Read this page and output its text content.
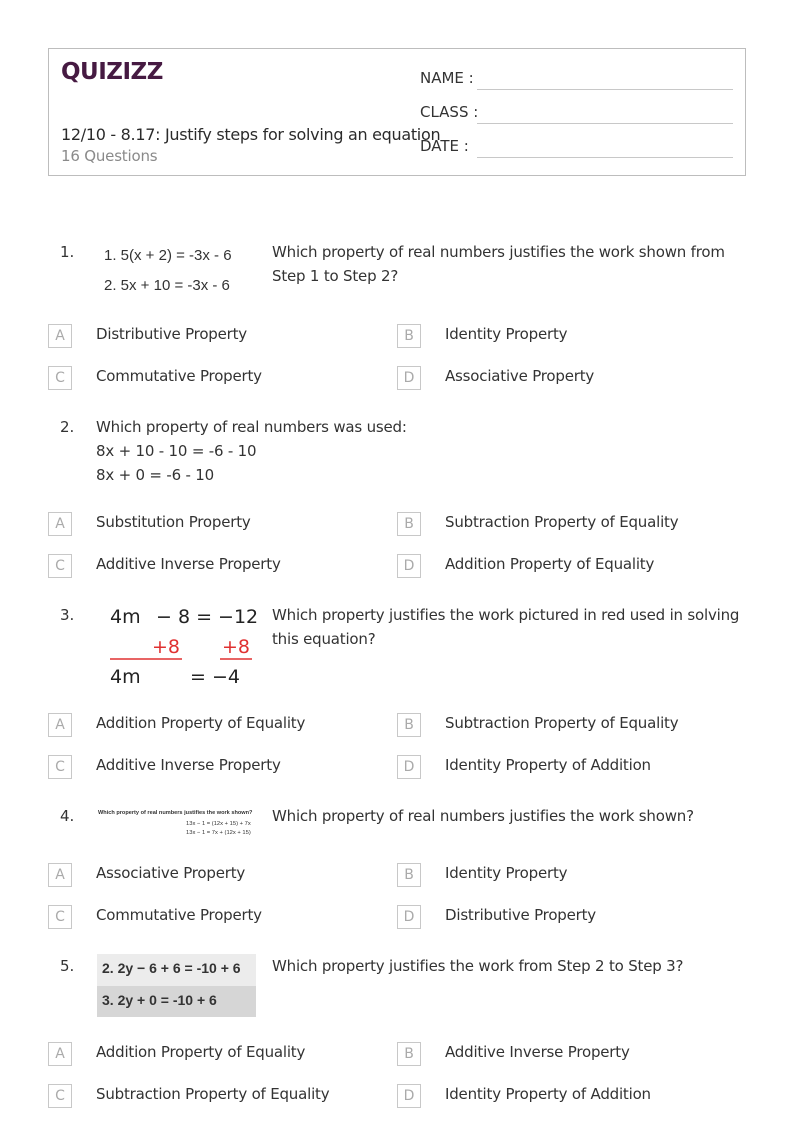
QUIZIZZ
12/10 - 8.17: Justify steps for solving an equation
16 Questions
NAME :
CLASS :
DATE :
1. 1. 5(x + 2) = -3x - 6
2. 5x + 10 = -3x - 6
Which property of real numbers justifies the work shown from Step 1 to Step 2?
A	Distributive Property	B	Identity Property
C	Commutative Property	D	Associative Property
2. Which property of real numbers was used:
8x + 10 - 10 = -6 - 10
8x + 0 = -6 - 10
A	Substitution Property	B	Subtraction Property of Equality
C	Additive Inverse Property	D	Addition Property of Equality
3. 4m − 8 = −12
+8 +8
4m	= −4
Which property justifies the work pictured in red used in solving this equation?
A	Addition Property of Equality	B	Subtraction Property of Equality
C	Additive Inverse Property	D	Identity Property of Addition
4.	Which property of real numbers justifies the work shown?
13x − 1 = (12x + 15) + 7x
13x − 1 = 7x + (12x + 15)
Which property of real numbers justifies the work shown?
A	Associative Property	B	Identity Property
C	Commutative Property	D	Distributive Property
5. 2. 2y − 6 + 6 = -10 + 6
3. 2y + 0 = -10 + 6
Which property justifies the work from Step 2 to Step 3?
A	Addition Property of Equality	B	Additive Inverse Property
C	Subtraction Property of Equality	D	Identity Property of Addition
